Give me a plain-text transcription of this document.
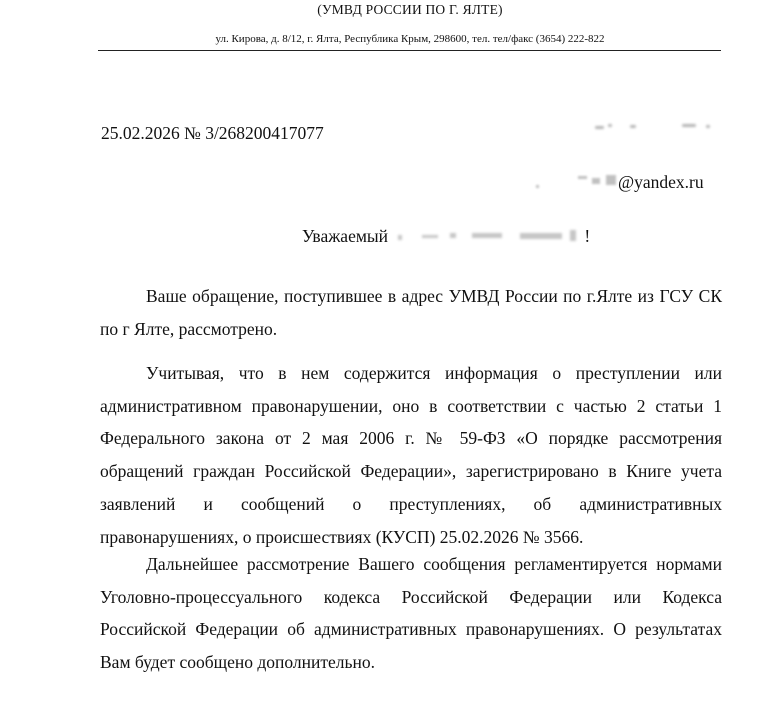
(УМВД РОССИИ ПО Г. ЯЛТЕ)
ул. Кирова, д. 8/12, г. Ялта, Республика Крым, 298600, тел. тел/факс (3654) 222-822
25.02.2026 № 3/268200417077
@yandex.ru
Уважаемый	!

Ваше обращение, поступившее в адрес УМВД России по г.Ялте из ГСУ СК по г Ялте, рассмотрено.

Учитывая, что в нем содержится информация о преступлении или административном правонарушении, оно в соответствии с частью 2 статьи 1 Федерального закона от 2 мая 2006 г. № 59-ФЗ «О порядке рассмотрения обращений граждан Российской Федерации», зарегистрировано в Книге учета заявлений и сообщений о преступлениях, об административных правонарушениях, о происшествиях (КУСП) 25.02.2026 № 3566.

Дальнейшее рассмотрение Вашего сообщения регламентируется нормами Уголовно-процессуального кодекса Российской Федерации или Кодекса Российской Федерации об административных правонарушениях. О результатах Вам будет сообщено дополнительно.
